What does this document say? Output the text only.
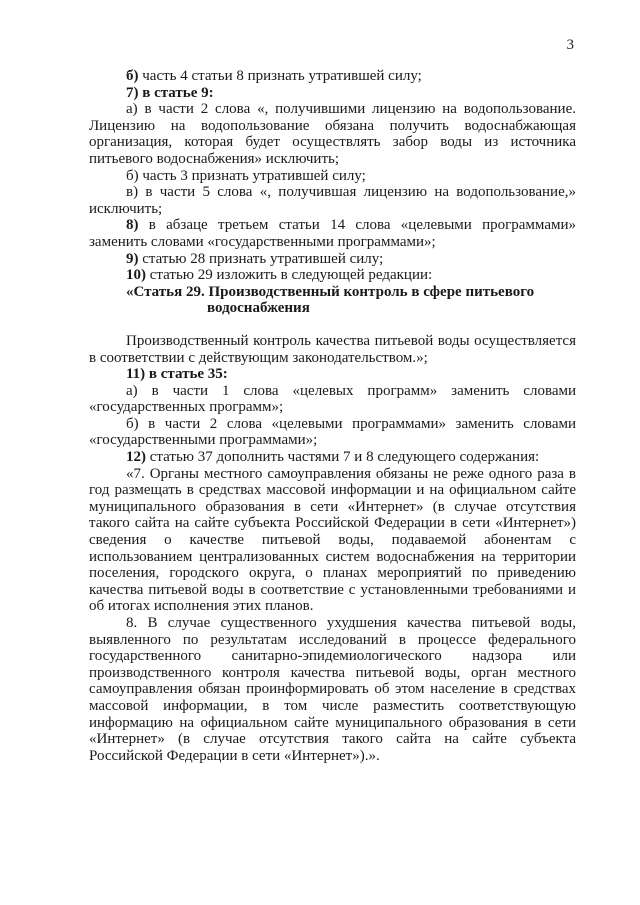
3

б) часть 4 статьи 8 признать утратившей силу;

7) в статье 9:

а) в части 2 слова «, получившими лицензию на водопользование. Лицензию на водопользование обязана получить водоснабжающая организация, которая будет осуществлять забор воды из источника питьевого водоснабжения» исключить;

б) часть 3 признать утратившей силу;

в) в части 5 слова «, получившая лицензию на водопользование,» исключить;

8) в абзаце третьем статьи 14 слова «целевыми программами» заменить словами «государственными программами»;

9) статью 28 признать утратившей силу;

10) статью 29 изложить в следующей редакции:

«Статья 29. Производственный контроль в сфере питьевого
водоснабжения

Производственный контроль качества питьевой воды осуществляется в соответствии с действующим законодательством.»;

11) в статье 35:

а) в части 1 слова «целевых программ» заменить словами «государственных программ»;

б) в части 2 слова «целевыми программами» заменить словами «государственными программами»;

12) статью 37 дополнить частями 7 и 8 следующего содержания:

«7. Органы местного самоуправления обязаны не реже одного раза в год размещать в средствах массовой информации и на официальном сайте муниципального образования в сети «Интернет» (в случае отсутствия такого сайта на сайте субъекта Российской Федерации в сети «Интернет») сведения о качестве питьевой воды, подаваемой абонентам с использованием централизованных систем водоснабжения на территории поселения, городского округа, о планах мероприятий по приведению качества питьевой воды в соответствие с установленными требованиями и об итогах исполнения этих планов.

8. В случае существенного ухудшения качества питьевой воды, выявленного по результатам исследований в процессе федерального государственного санитарно-эпидемиологического надзора или производственного контроля качества питьевой воды, орган местного самоуправления обязан проинформировать об этом население в средствах массовой информации, в том числе разместить соответствующую информацию на официальном сайте муниципального образования в сети «Интернет» (в случае отсутствия такого сайта на сайте субъекта Российской Федерации в сети «Интернет»).».
